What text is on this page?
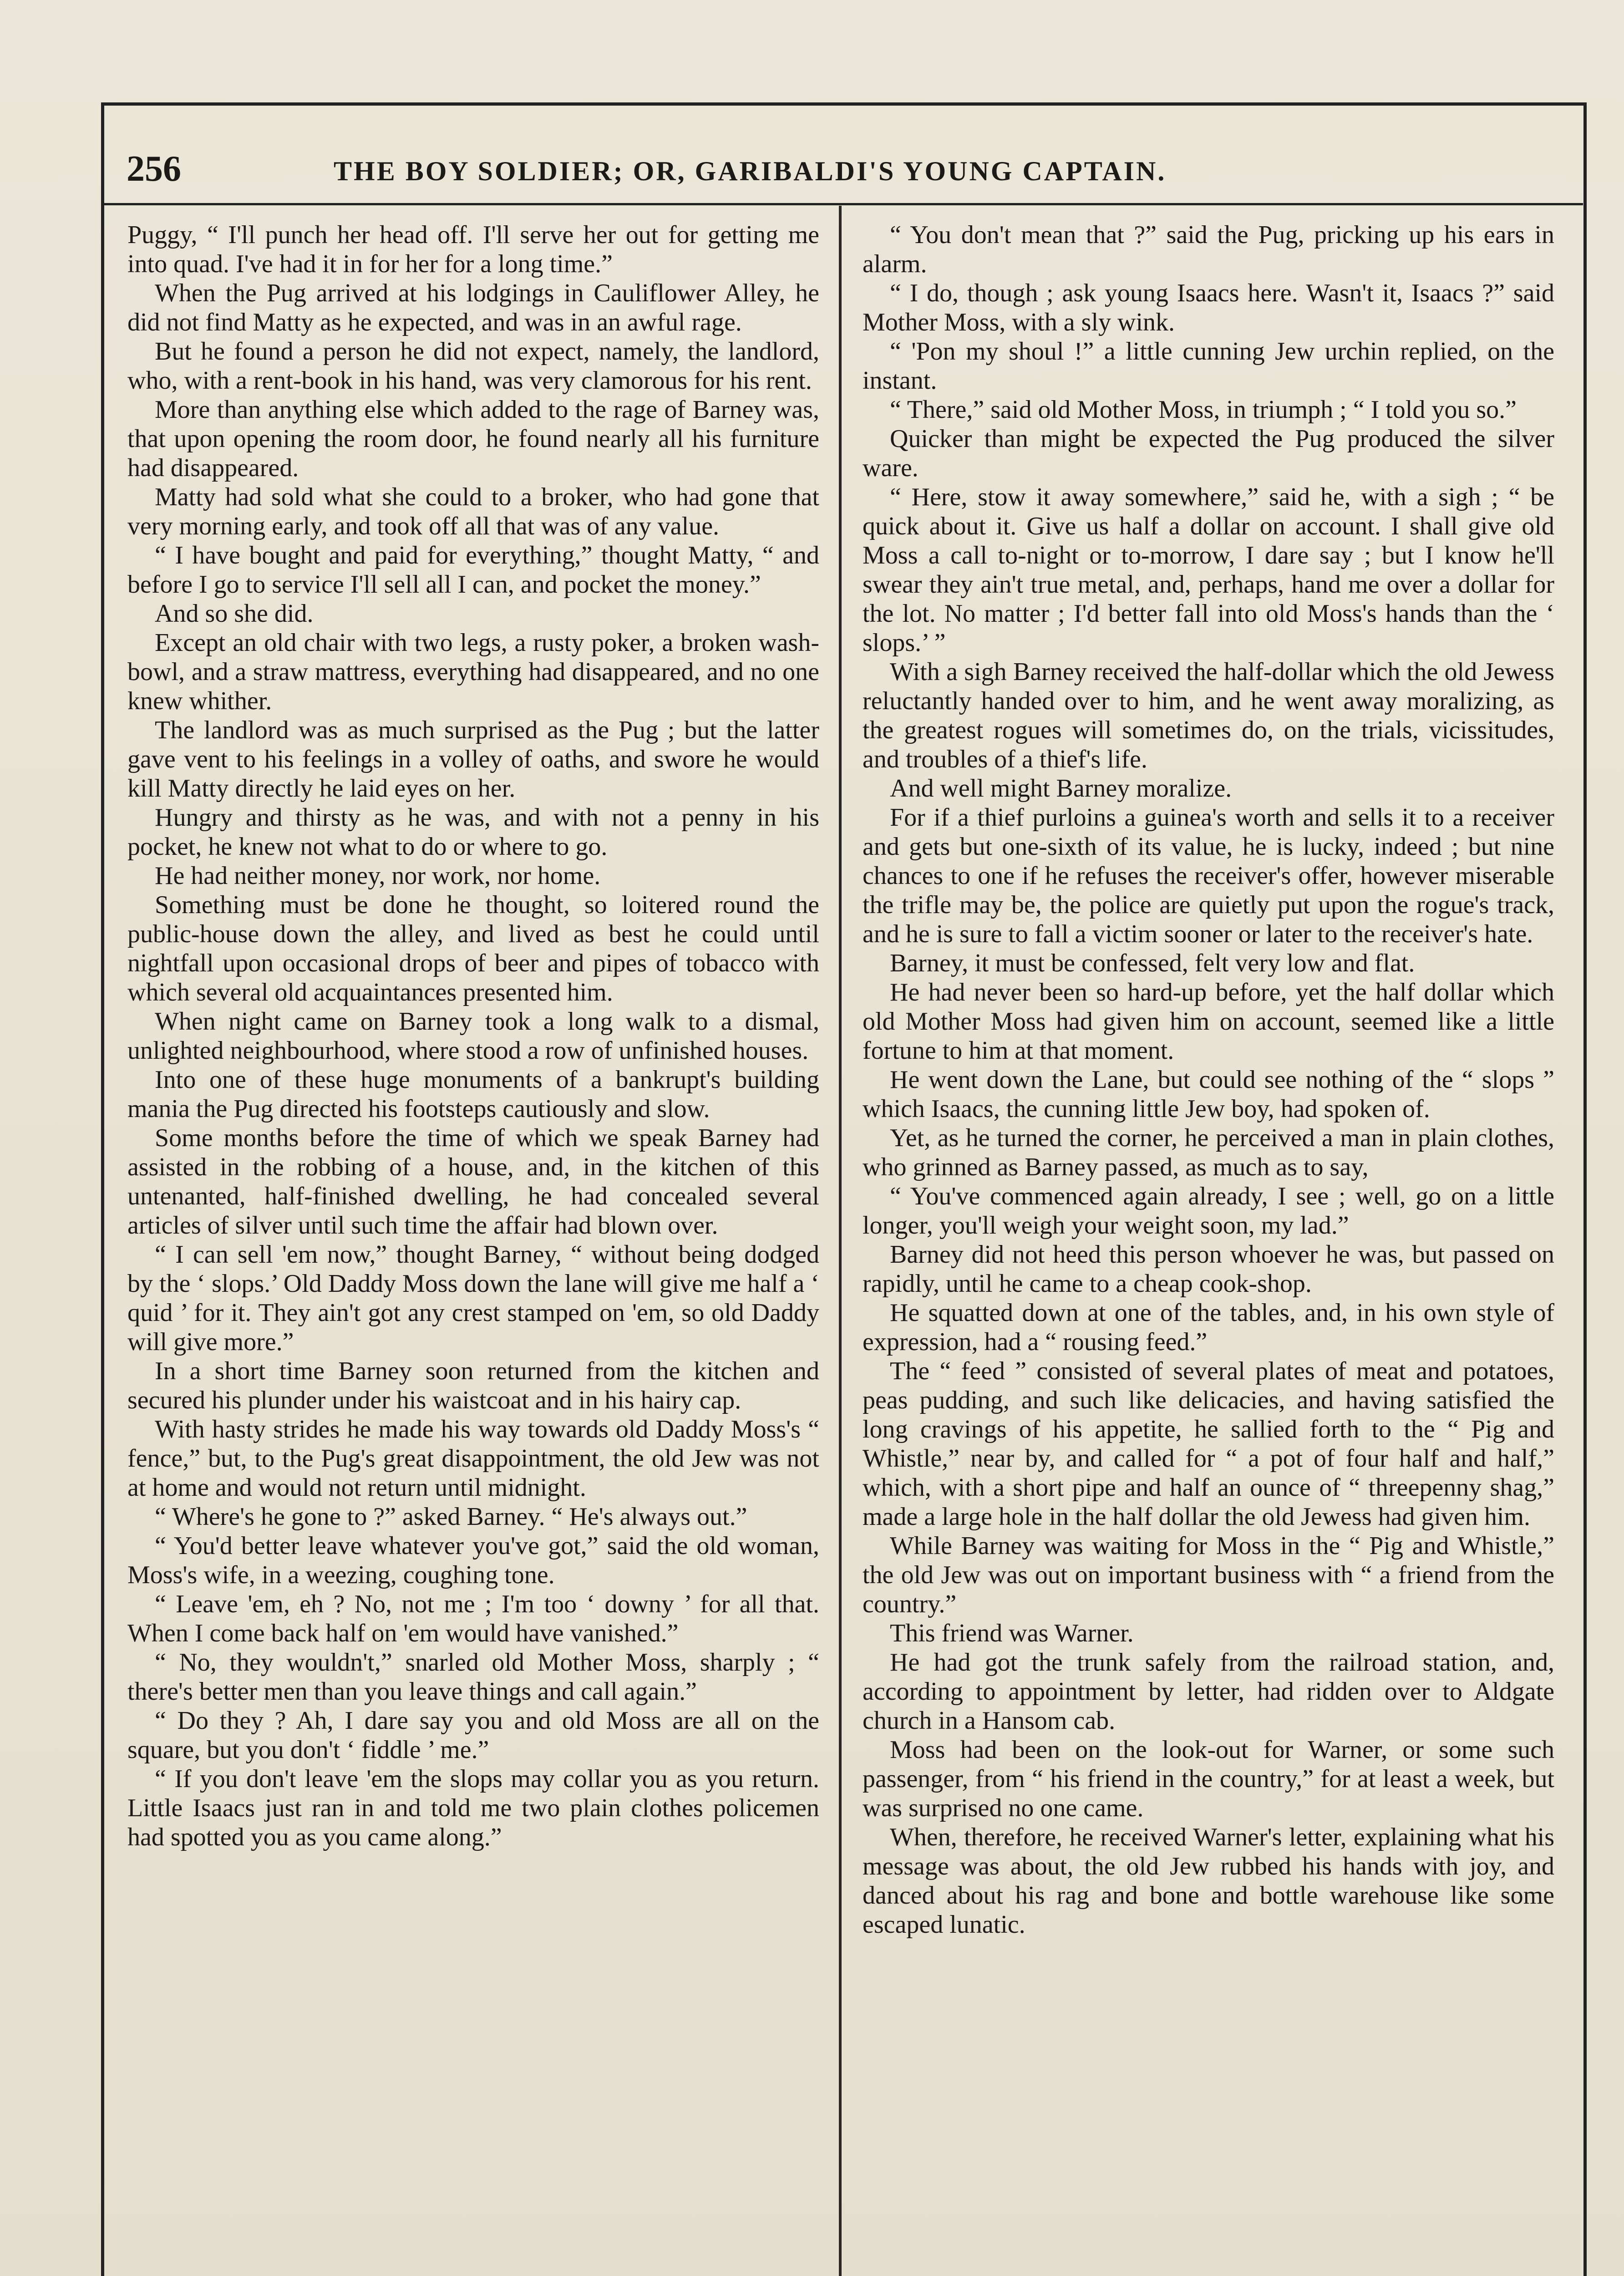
256	THE BOY SOLDIER; OR, GARIBALDI'S YOUNG CAPTAIN.

Puggy, “ I'll punch her head off. I'll serve her out for getting me into quad. I've had it in for her for a long time.”

When the Pug arrived at his lodgings in Cauliflower Alley, he did not find Matty as he expected, and was in an awful rage.

But he found a person he did not expect, namely, the landlord, who, with a rent-book in his hand, was very clamorous for his rent.

More than anything else which added to the rage of Barney was, that upon opening the room door, he found nearly all his furniture had disappeared.

Matty had sold what she could to a broker, who had gone that very morning early, and took off all that was of any value.

“ I have bought and paid for everything,” thought Matty, “ and before I go to service I'll sell all I can, and pocket the money.”

And so she did.

Except an old chair with two legs, a rusty poker, a broken wash-bowl, and a straw mattress, everything had disappeared, and no one knew whither.

The landlord was as much surprised as the Pug ; but the latter gave vent to his feelings in a volley of oaths, and swore he would kill Matty directly he laid eyes on her.

Hungry and thirsty as he was, and with not a penny in his pocket, he knew not what to do or where to go.

He had neither money, nor work, nor home.

Something must be done he thought, so loitered round the public-house down the alley, and lived as best he could until nightfall upon occasional drops of beer and pipes of tobacco with which several old acquaintances presented him.

When night came on Barney took a long walk to a dismal, unlighted neighbourhood, where stood a row of unfinished houses.

Into one of these huge monuments of a bankrupt's building mania the Pug directed his footsteps cautiously and slow.

Some months before the time of which we speak Barney had assisted in the robbing of a house, and, in the kitchen of this untenanted, half-finished dwelling, he had concealed several articles of silver until such time the affair had blown over.

“ I can sell 'em now,” thought Barney, “ without being dodged by the ‘ slops.’ Old Daddy Moss down the lane will give me half a ‘ quid ’ for it. They ain't got any crest stamped on 'em, so old Daddy will give more.”

In a short time Barney soon returned from the kitchen and secured his plunder under his waistcoat and in his hairy cap.

With hasty strides he made his way towards old Daddy Moss's “ fence,” but, to the Pug's great disappointment, the old Jew was not at home and would not return until midnight.

“ Where's he gone to ?” asked Barney. “ He's always out.”

“ You'd better leave whatever you've got,” said the old woman, Moss's wife, in a weezing, coughing tone.

“ Leave 'em, eh ? No, not me ; I'm too ‘ downy ’ for all that. When I come back half on 'em would have vanished.”

“ No, they wouldn't,” snarled old Mother Moss, sharply ; “ there's better men than you leave things and call again.”

“ Do they ? Ah, I dare say you and old Moss are all on the square, but you don't ‘ fiddle ’ me.”

“ If you don't leave 'em the slops may collar you as you return. Little Isaacs just ran in and told me two plain clothes policemen had spotted you as you came along.”

“ You don't mean that ?” said the Pug, pricking up his ears in alarm.

“ I do, though ; ask young Isaacs here. Wasn't it, Isaacs ?” said Mother Moss, with a sly wink.

“ 'Pon my shoul !” a little cunning Jew urchin replied, on the instant.

“ There,” said old Mother Moss, in triumph ; “ I told you so.”

Quicker than might be expected the Pug produced the silver ware.

“ Here, stow it away somewhere,” said he, with a sigh ; “ be quick about it. Give us half a dollar on account. I shall give old Moss a call to-night or to-morrow, I dare say ; but I know he'll swear they ain't true metal, and, perhaps, hand me over a dollar for the lot. No matter ; I'd better fall into old Moss's hands than the ‘ slops.’ ”

With a sigh Barney received the half-dollar which the old Jewess reluctantly handed over to him, and he went away moralizing, as the greatest rogues will sometimes do, on the trials, vicissitudes, and troubles of a thief's life.

And well might Barney moralize.

For if a thief purloins a guinea's worth and sells it to a receiver and gets but one-sixth of its value, he is lucky, indeed ; but nine chances to one if he refuses the receiver's offer, however miserable the trifle may be, the police are quietly put upon the rogue's track, and he is sure to fall a victim sooner or later to the receiver's hate.

Barney, it must be confessed, felt very low and flat.

He had never been so hard-up before, yet the half dollar which old Mother Moss had given him on account, seemed like a little fortune to him at that moment.

He went down the Lane, but could see nothing of the “ slops ” which Isaacs, the cunning little Jew boy, had spoken of.

Yet, as he turned the corner, he perceived a man in plain clothes, who grinned as Barney passed, as much as to say,

“ You've commenced again already, I see ; well, go on a little longer, you'll weigh your weight soon, my lad.”

Barney did not heed this person whoever he was, but passed on rapidly, until he came to a cheap cook-shop.

He squatted down at one of the tables, and, in his own style of expression, had a “ rousing feed.”

The “ feed ” consisted of several plates of meat and potatoes, peas pudding, and such like delicacies, and having satisfied the long cravings of his appetite, he sallied forth to the “ Pig and Whistle,” near by, and called for “ a pot of four half and half,” which, with a short pipe and half an ounce of “ threepenny shag,” made a large hole in the half dollar the old Jewess had given him.

While Barney was waiting for Moss in the “ Pig and Whistle,” the old Jew was out on important business with “ a friend from the country.”

This friend was Warner.

He had got the trunk safely from the railroad station, and, according to appointment by letter, had ridden over to Aldgate church in a Hansom cab.

Moss had been on the look-out for Warner, or some such passenger, from “ his friend in the country,” for at least a week, but was surprised no one came.

When, therefore, he received Warner's letter, explaining what his message was about, the old Jew rubbed his hands with joy, and danced about his rag and bone and bottle warehouse like some escaped lunatic.
